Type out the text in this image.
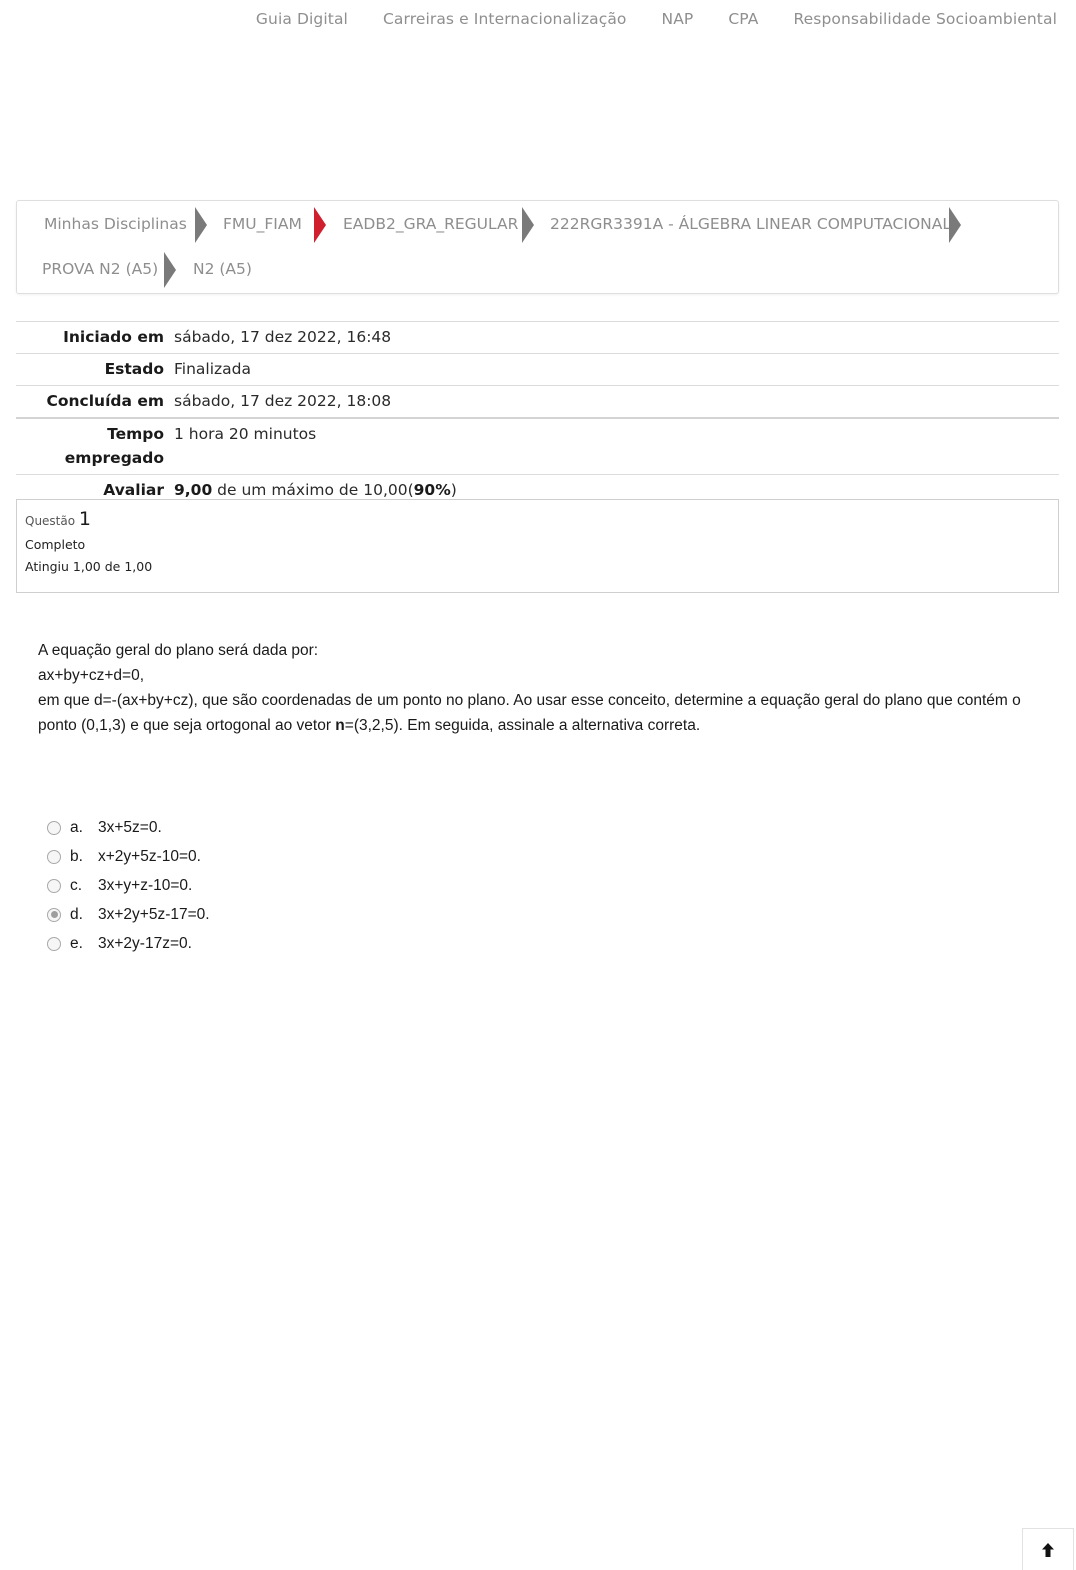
Guia Digital Carreiras e Internacionalização NAP CPA Responsabilidade Socioambiental
Minhas Disciplinas FMU_FIAM	EADB2_GRA_REGULAR 222RGR3391A - ÁLGEBRA LINEAR COMPUTACIONAL
PROVA N2 (A5) N2 (A5)
Iniciado em	sábado, 17 dez 2022, 16:48
Estado	Finalizada
Concluída em	sábado, 17 dez 2022, 18:08
Tempo
empregado	1 hora 20 minutos
Avaliar	9,00 de um máximo de 10,00(90%)
Questão 1
Completo
Atingiu 1,00 de 1,00
A equação geral do plano será dada por:
ax+by+cz+d=0,
em que d=-(ax+by+cz), que são coordenadas de um ponto no plano. Ao usar esse conceito, determine a equação geral do plano que contém o ponto (0,1,3) e que seja ortogonal ao vetor n=(3,2,5). Em seguida, assinale a alternativa correta.
a. 3x+5z=0.
b. x+2y+5z-10=0.
c.	3x+y+z-10=0.
d. 3x+2y+5z-17=0.
e. 3x+2y-17z=0.
